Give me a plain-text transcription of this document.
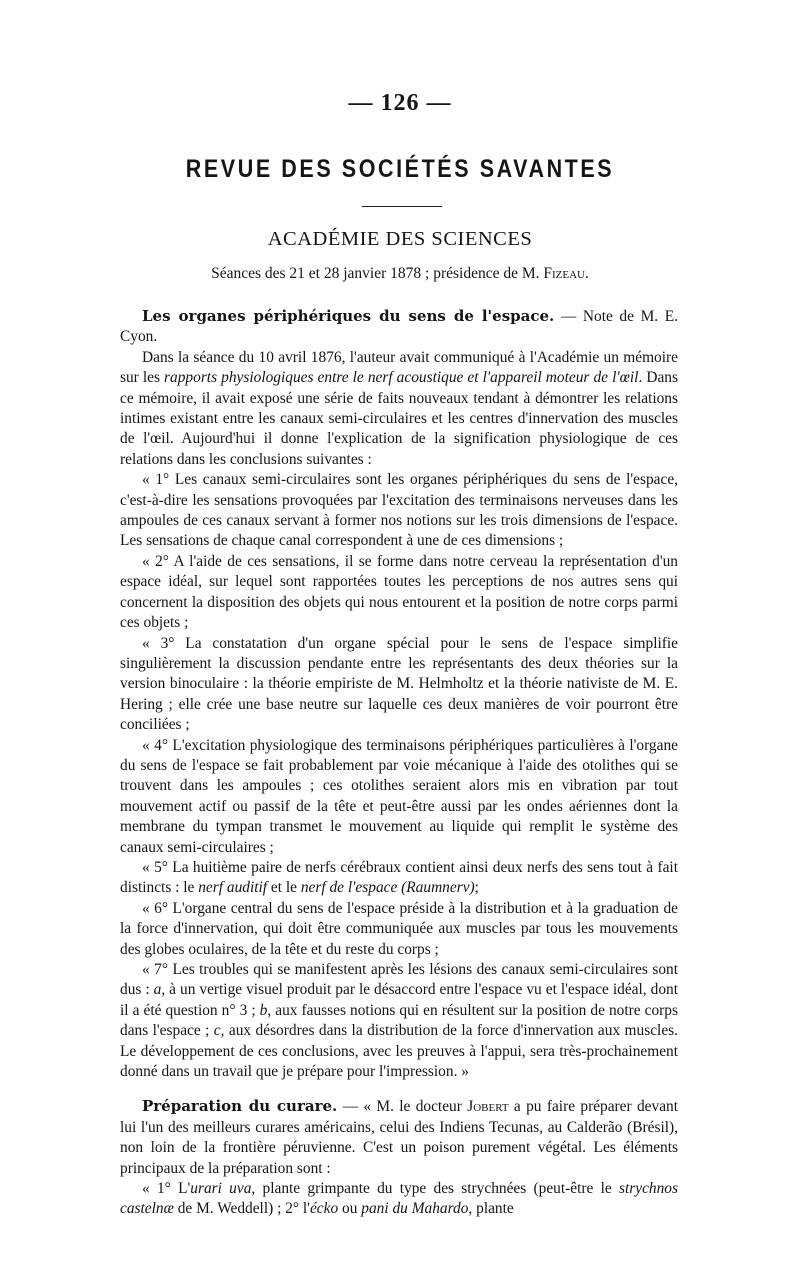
— 126 —
REVUE DES SOCIÉTÉS SAVANTES
ACADÉMIE DES SCIENCES
Séances des 21 et 28 janvier 1878 ; présidence de M. Fizeau.

Les organes périphériques du sens de l'espace. — Note de M. E. Cyon.

Dans la séance du 10 avril 1876, l'auteur avait communiqué à l'Académie un mémoire sur les rapports physiologiques entre le nerf acoustique et l'appareil moteur de l'œil. Dans ce mémoire, il avait exposé une série de faits nouveaux tendant à démontrer les relations intimes existant entre les canaux semi-circulaires et les centres d'innervation des muscles de l'œil. Aujourd'hui il donne l'explication de la signification physiologique de ces relations dans les conclusions suivantes :

« 1° Les canaux semi-circulaires sont les organes périphériques du sens de l'espace, c'est-à-dire les sensations provoquées par l'excitation des terminaisons nerveuses dans les ampoules de ces canaux servant à former nos notions sur les trois dimensions de l'espace. Les sensations de chaque canal correspondent à une de ces dimensions ;

« 2° A l'aide de ces sensations, il se forme dans notre cerveau la représentation d'un espace idéal, sur lequel sont rapportées toutes les perceptions de nos autres sens qui concernent la disposition des objets qui nous entourent et la position de notre corps parmi ces objets ;

« 3° La constatation d'un organe spécial pour le sens de l'espace simplifie singulièrement la discussion pendante entre les représentants des deux théories sur la version binoculaire : la théorie empiriste de M. Helmholtz et la théorie nativiste de M. E. Hering ; elle crée une base neutre sur laquelle ces deux manières de voir pourront être conciliées ;

« 4° L'excitation physiologique des terminaisons périphériques particulières à l'organe du sens de l'espace se fait probablement par voie mécanique à l'aide des otolithes qui se trouvent dans les ampoules ; ces otolithes seraient alors mis en vibration par tout mouvement actif ou passif de la tête et peut-être aussi par les ondes aériennes dont la membrane du tympan transmet le mouvement au liquide qui remplit le système des canaux semi-circulaires ;

« 5° La huitième paire de nerfs cérébraux contient ainsi deux nerfs des sens tout à fait distincts : le nerf auditif et le nerf de l'espace (Raumnerv);

« 6° L'organe central du sens de l'espace préside à la distribution et à la graduation de la force d'innervation, qui doit être communiquée aux muscles par tous les mouvements des globes oculaires, de la tête et du reste du corps ;

« 7° Les troubles qui se manifestent après les lésions des canaux semi-circulaires sont dus : a, à un vertige visuel produit par le désaccord entre l'espace vu et l'espace idéal, dont il a été question n° 3 ; b, aux fausses notions qui en résultent sur la position de notre corps dans l'espace ; c, aux désordres dans la distribution de la force d'innervation aux muscles. Le développement de ces conclusions, avec les preuves à l'appui, sera très-prochainement donné dans un travail que je prépare pour l'impression. »

Préparation du curare. — « M. le docteur Jobert a pu faire préparer devant lui l'un des meilleurs curares américains, celui des Indiens Tecunas, au Calderão (Brésil), non loin de la frontière péruvienne. C'est un poison purement végétal. Les éléments principaux de la préparation sont :

« 1° L'urari uva, plante grimpante du type des strychnées (peut-être le strychnos castelnæ de M. Weddell) ; 2° l'écko ou pani du Mahardo, plante
